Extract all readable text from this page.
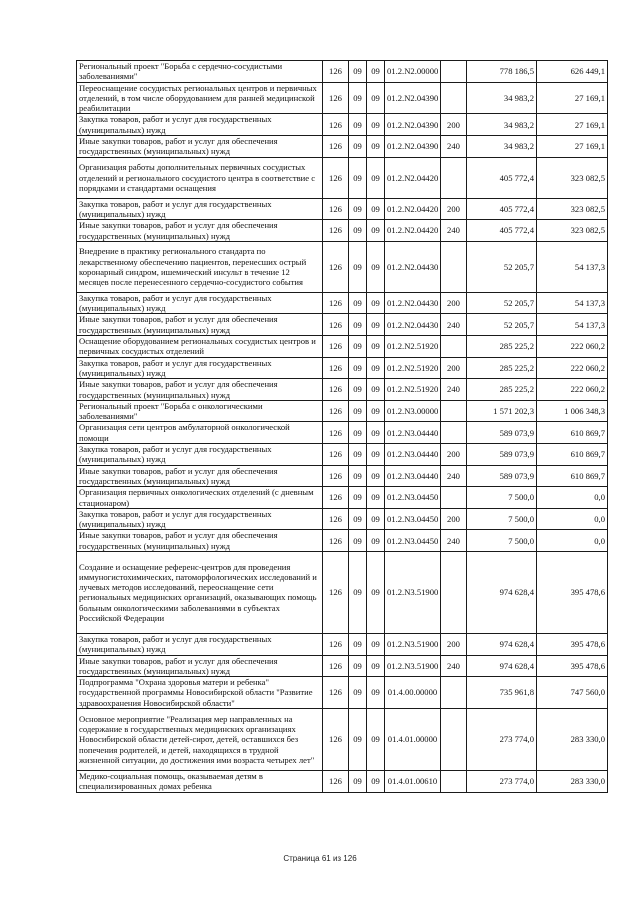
Региональный проект "Борьба с сердечно-сосудистыми заболеваниями"	126	09	09	01.2.N2.00000		778 186,5	626 449,1
Переоснащение сосудистых региональных центров и первичных отделений, в том числе оборудованием для ранней медицинской реабилитации	126	09	09	01.2.N2.04390		34 983,2	27 169,1
Закупка товаров, работ и услуг для государственных (муниципальных) нужд	126	09	09	01.2.N2.04390	200	34 983,2	27 169,1
Иные закупки товаров, работ и услуг для обеспечения государственных (муниципальных) нужд	126	09	09	01.2.N2.04390	240	34 983,2	27 169,1
Организация работы дополнительных первичных сосудистых отделений и регионального сосудистого центра в соответствие с порядками и стандартами оснащения	126	09	09	01.2.N2.04420		405 772,4	323 082,5
Закупка товаров, работ и услуг для государственных (муниципальных) нужд	126	09	09	01.2.N2.04420	200	405 772,4	323 082,5
Иные закупки товаров, работ и услуг для обеспечения государственных (муниципальных) нужд	126	09	09	01.2.N2.04420	240	405 772,4	323 082,5
Внедрение в практику регионального стандарта по лекарственному обеспечению пациентов, перенесших острый коронарный синдром, ишемический инсульт в течение 12 месяцев после перенесенного сердечно-сосудистого события	126	09	09	01.2.N2.04430		52 205,7	54 137,3
Закупка товаров, работ и услуг для государственных (муниципальных) нужд	126	09	09	01.2.N2.04430	200	52 205,7	54 137,3
Иные закупки товаров, работ и услуг для обеспечения государственных (муниципальных) нужд	126	09	09	01.2.N2.04430	240	52 205,7	54 137,3
Оснащение оборудованием региональных сосудистых центров и первичных сосудистых отделений	126	09	09	01.2.N2.51920		285 225,2	222 060,2
Закупка товаров, работ и услуг для государственных (муниципальных) нужд	126	09	09	01.2.N2.51920	200	285 225,2	222 060,2
Иные закупки товаров, работ и услуг для обеспечения государственных (муниципальных) нужд	126	09	09	01.2.N2.51920	240	285 225,2	222 060,2
Региональный проект "Борьба с онкологическими заболеваниями"	126	09	09	01.2.N3.00000		1 571 202,3	1 006 348,3
Организация сети центров амбулаторной онкологической помощи	126	09	09	01.2.N3.04440		589 073,9	610 869,7
Закупка товаров, работ и услуг для государственных (муниципальных) нужд	126	09	09	01.2.N3.04440	200	589 073,9	610 869,7
Иные закупки товаров, работ и услуг для обеспечения государственных (муниципальных) нужд	126	09	09	01.2.N3.04440	240	589 073,9	610 869,7
Организация первичных онкологических отделений (с дневным стационаром)	126	09	09	01.2.N3.04450		7 500,0	0,0
Закупка товаров, работ и услуг для государственных (муниципальных) нужд	126	09	09	01.2.N3.04450	200	7 500,0	0,0
Иные закупки товаров, работ и услуг для обеспечения государственных (муниципальных) нужд	126	09	09	01.2.N3.04450	240	7 500,0	0,0
Создание и оснащение референс-центров для проведения иммуногистохимических, патоморфологических исследований и лучевых методов исследований, переоснащение сети региональных медицинских организаций, оказывающих помощь больным онкологическими заболеваниями в субъектах Российской Федерации	126	09	09	01.2.N3.51900		974 628,4	395 478,6
Закупка товаров, работ и услуг для государственных (муниципальных) нужд	126	09	09	01.2.N3.51900	200	974 628,4	395 478,6
Иные закупки товаров, работ и услуг для обеспечения государственных (муниципальных) нужд	126	09	09	01.2.N3.51900	240	974 628,4	395 478,6
Подпрограмма "Охрана здоровья матери и ребенка" государственной программы Новосибирской области "Развитие здравоохранения Новосибирской области"	126	09	09	01.4.00.00000		735 961,8	747 560,0
Основное мероприятие "Реализация мер направленных на содержание в государственных медицинских организациях Новосибирской области детей-сирот, детей, оставшихся без попечения родителей, и детей, находящихся в трудной жизненной ситуации, до достижения ими возраста четырех лет"	126	09	09	01.4.01.00000		273 774,0	283 330,0
Медико-социальная помощь, оказываемая детям в специализированных домах ребенка	126	09	09	01.4.01.00610		273 774,0	283 330,0
Страница 61 из 126
